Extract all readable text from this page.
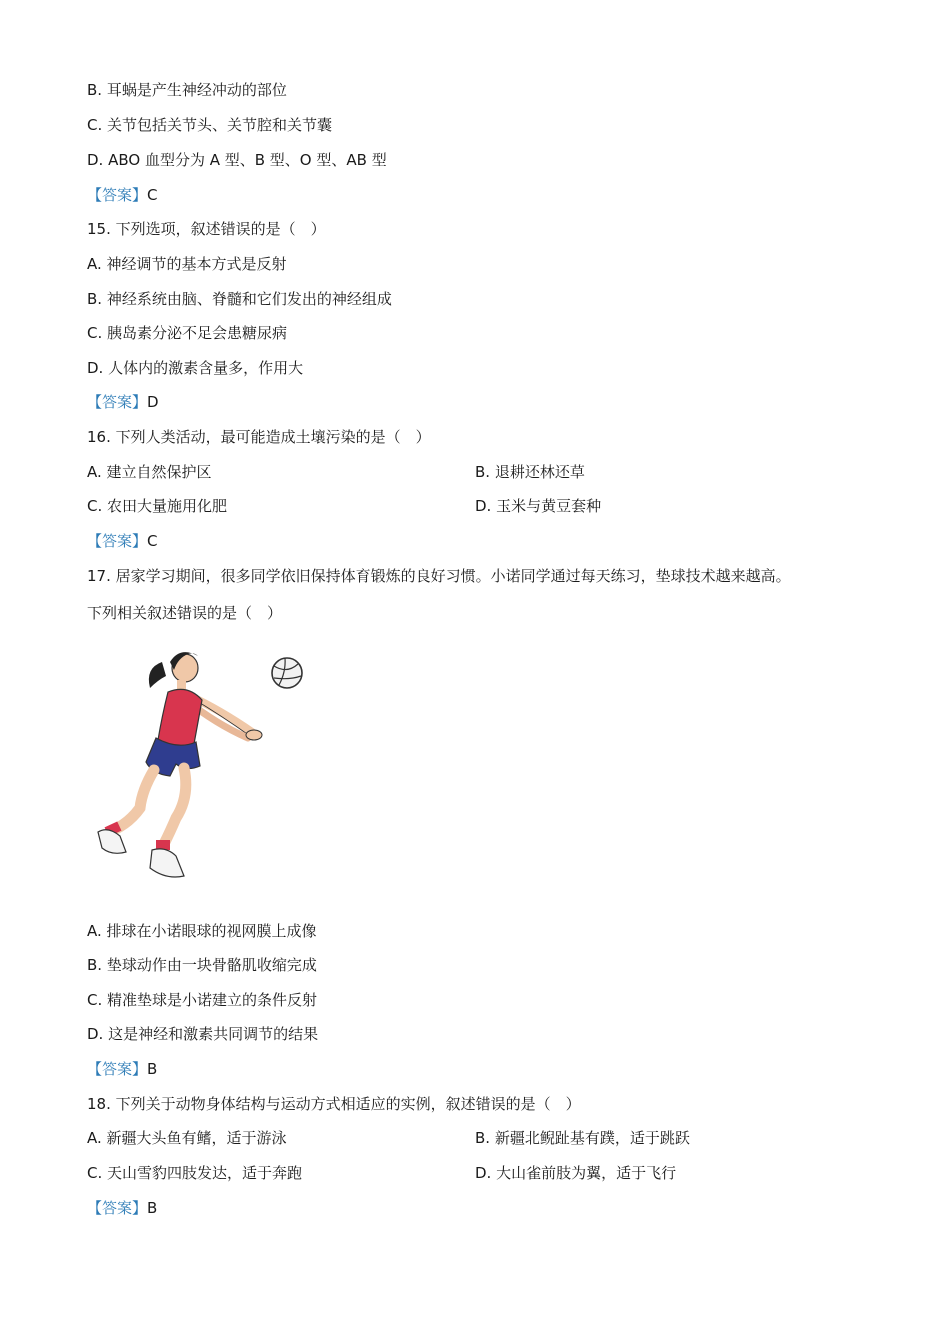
B. 耳蜗是产生神经冲动的部位
C. 关节包括关节头、关节腔和关节囊
D. ABO 血型分为 A 型、B 型、O 型、AB 型
【答案】C
15. 下列选项，叙述错误的是（　）
A. 神经调节的基本方式是反射
B. 神经系统由脑、脊髓和它们发出的神经组成
C. 胰岛素分泌不足会患糖尿病
D. 人体内的激素含量多，作用大
【答案】D
16. 下列人类活动，最可能造成土壤污染的是（　）
A. 建立自然保护区	B. 退耕还林还草
C. 农田大量施用化肥	D. 玉米与黄豆套种
【答案】C
17. 居家学习期间，很多同学依旧保持体育锻炼的良好习惯。小诺同学通过每天练习，垫球技术越来越高。
下列相关叙述错误的是（　）
A. 排球在小诺眼球的视网膜上成像
B. 垫球动作由一块骨骼肌收缩完成
C. 精准垫球是小诺建立的条件反射
D. 这是神经和激素共同调节的结果
【答案】B
18. 下列关于动物身体结构与运动方式相适应的实例，叙述错误的是（　）
A. 新疆大头鱼有鳍，适于游泳	B. 新疆北鲵趾基有蹼，适于跳跃
C. 天山雪豹四肢发达，适于奔跑	D. 大山雀前肢为翼，适于飞行
【答案】B
